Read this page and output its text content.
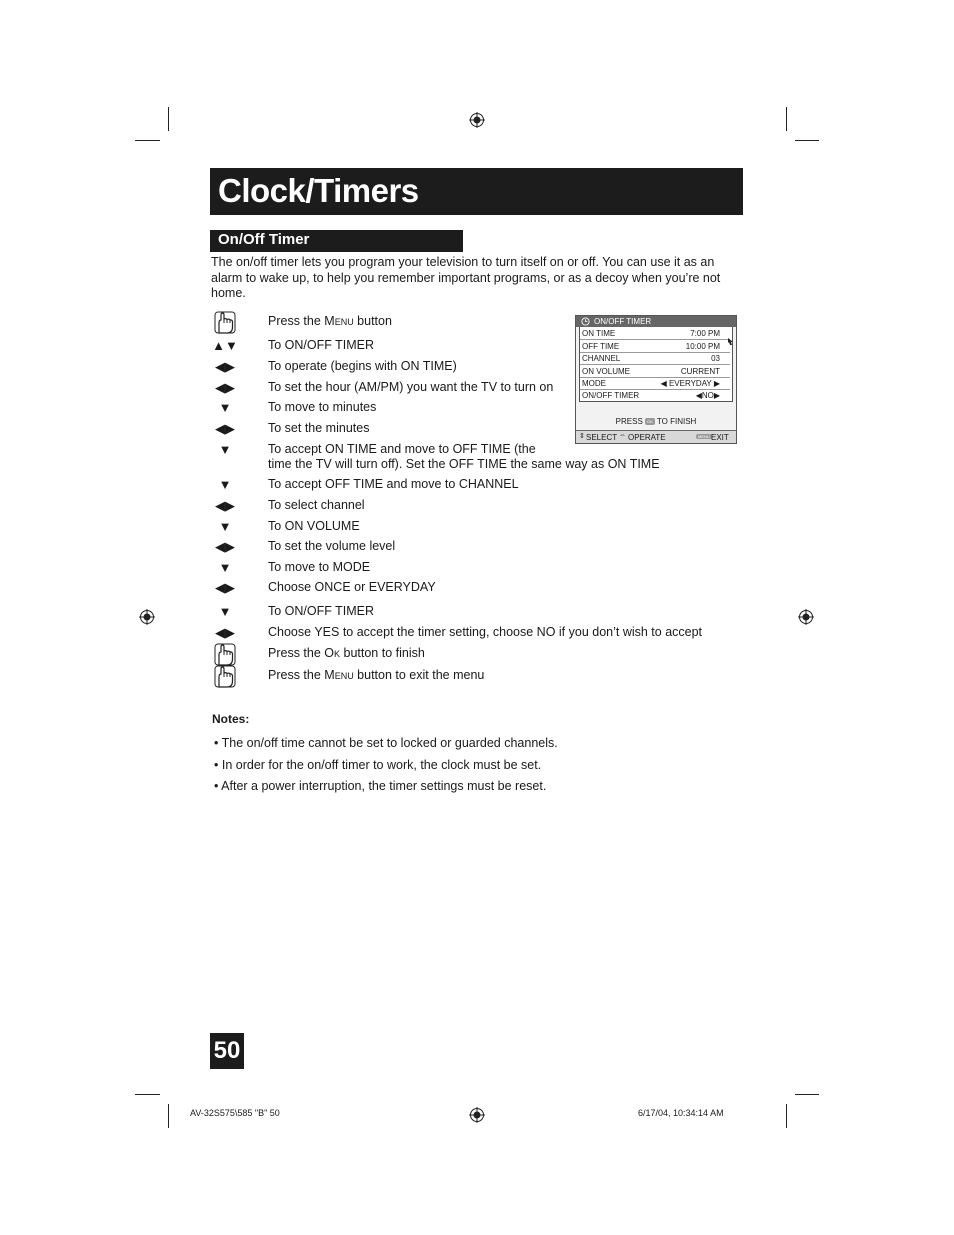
Clock/Timers
On/Off Timer
The on/off timer lets you program your television to turn itself on or off. You can use it as an alarm to wake up, to help you remember important programs, or as a decoy when you’re not home.
Press the Menu button
▲▼ To ON/OFF TIMER
◀▶	To operate (begins with ON TIME)
◀▶	To set the hour (AM/PM) you want the TV to turn on
▼	To move to minutes
◀▶	To set the minutes
▼	To accept ON TIME and move to OFF TIME (the
time the TV will turn off). Set the OFF TIME the same way as ON TIME
▼	To accept OFF TIME and move to CHANNEL
◀▶	To select channel
▼	To ON VOLUME
◀▶	To set the volume level
▼	To move to MODE
◀▶	Choose ONCE or EVERYDAY
▼	To ON/OFF TIMER
◀▶	Choose YES to accept the timer setting, choose NO if you don’t wish to accept
Press the Ok button to finish
Press the Menu button to exit the menu
ON/OFF TIMER
ON TIME	7:00 PM
OFF TIME	10:00 PM
CHANNEL	03
ON VOLUME	CURRENT
MODE	◀ EVERYDAY ▶
ON/OFF TIMER	◀NO▶
PRESS OK TO FINISH
⇕ SELECT ⇔ OPERATE	MENU EXIT
Notes:
• The on/off time cannot be set to locked or guarded channels.
• In order for the on/off timer to work, the clock must be set.
• After a power interruption, the timer settings must be reset.
50
AV-32S575\585 "B" 50	6/17/04, 10:34:14 AM
